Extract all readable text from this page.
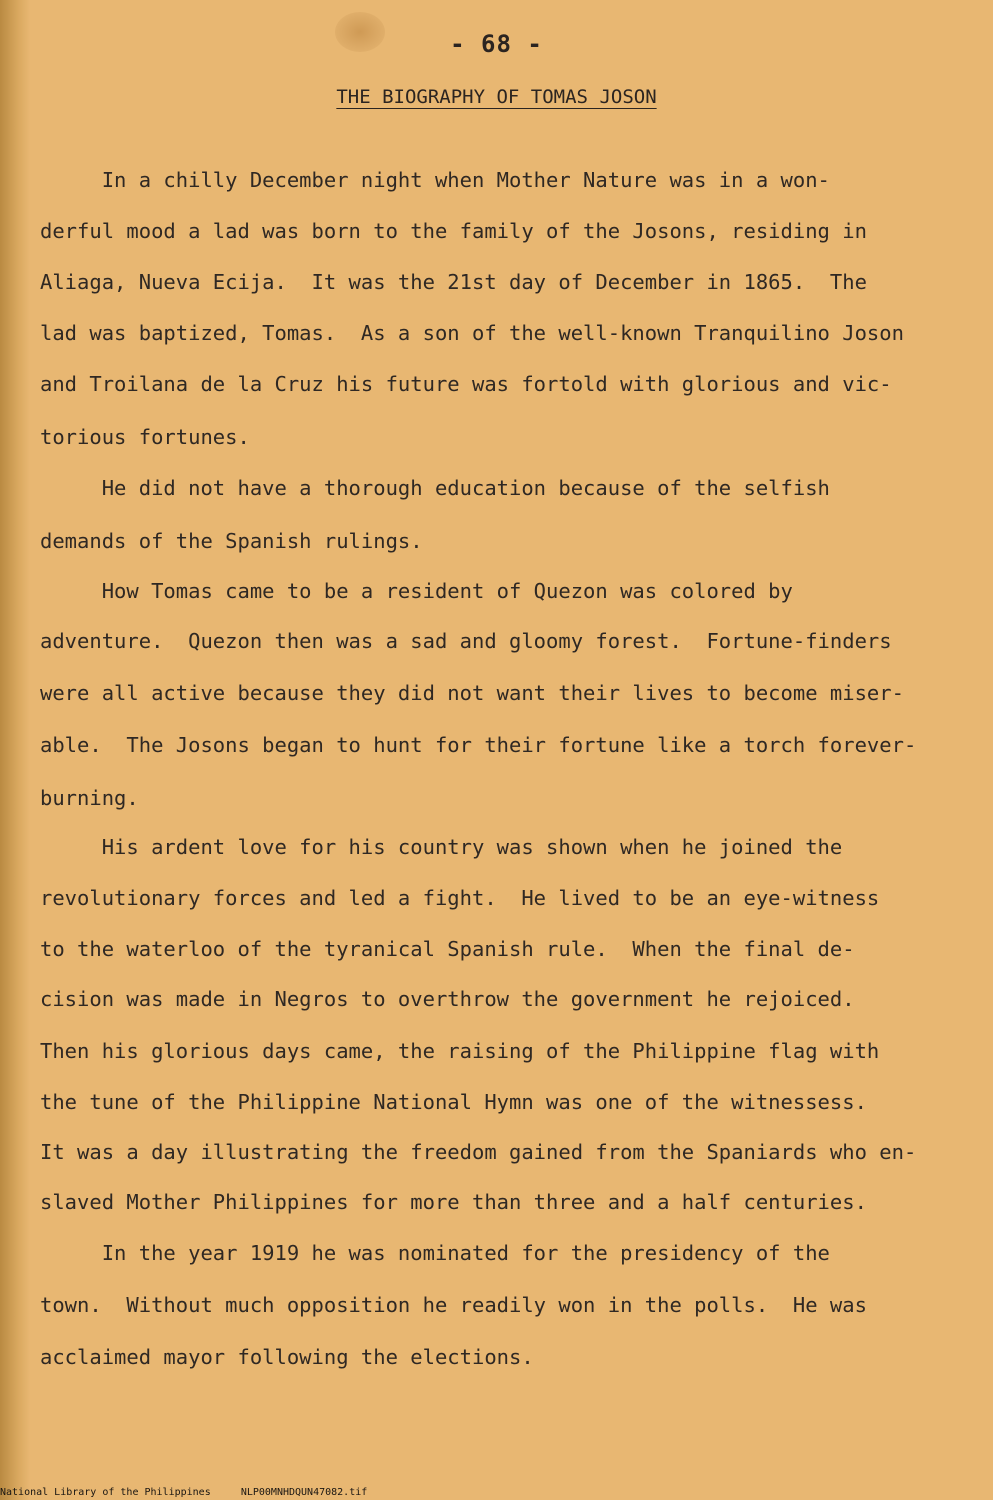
- 68 -
THE BIOGRAPHY OF TOMAS JOSON
In a chilly December night when Mother Nature was in a won-
derful mood a lad was born to the family of the Josons, residing in
Aliaga, Nueva Ecija.  It was the 21st day of December in 1865.  The
lad was baptized, Tomas.  As a son of the well-known Tranquilino Joson
and Troilana de la Cruz his future was fortold with glorious and vic-
torious fortunes.
He did not have a thorough education because of the selfish
demands of the Spanish rulings.
How Tomas came to be a resident of Quezon was colored by
adventure.  Quezon then was a sad and gloomy forest.  Fortune-finders
were all active because they did not want their lives to become miser-
able.  The Josons began to hunt for their fortune like a torch forever-
burning.
His ardent love for his country was shown when he joined the
revolutionary forces and led a fight.  He lived to be an eye-witness
to the waterloo of the tyranical Spanish rule.  When the final de-
cision was made in Negros to overthrow the government he rejoiced.
Then his glorious days came, the raising of the Philippine flag with
the tune of the Philippine National Hymn was one of the witnessess.
It was a day illustrating the freedom gained from the Spaniards who en-
slaved Mother Philippines for more than three and a half centuries.
In the year 1919 he was nominated for the presidency of the
town.  Without much opposition he readily won in the polls.  He was
acclaimed mayor following the elections.
National Library of the Philippines     NLP00MNHDQUN47082.tif
